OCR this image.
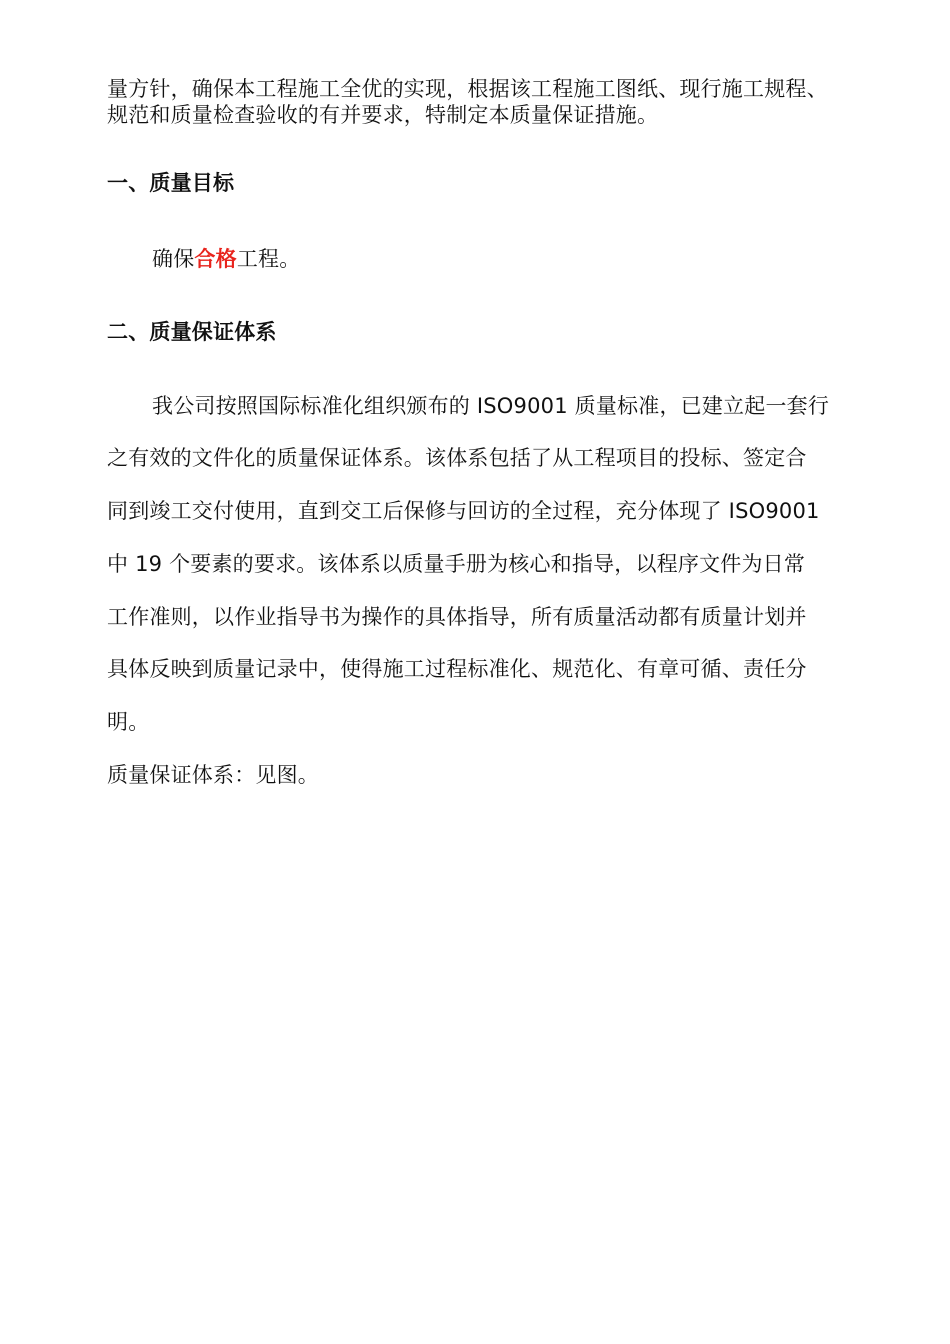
量方针，确保本工程施工全优的实现，根据该工程施工图纸、现行施工规程、
规范和质量检查验收的有并要求，特制定本质量保证措施。
一、质量目标
确保合格工程。
二、质量保证体系
我公司按照国际标准化组织颁布的 ISO9001 质量标准，已建立起一套行
之有效的文件化的质量保证体系。该体系包括了从工程项目的投标、签定合
同到竣工交付使用，直到交工后保修与回访的全过程，充分体现了 ISO9001
中 19 个要素的要求。该体系以质量手册为核心和指导，以程序文件为日常
工作准则，以作业指导书为操作的具体指导，所有质量活动都有质量计划并
具体反映到质量记录中，使得施工过程标准化、规范化、有章可循、责任分
明。
质量保证体系：见图。
